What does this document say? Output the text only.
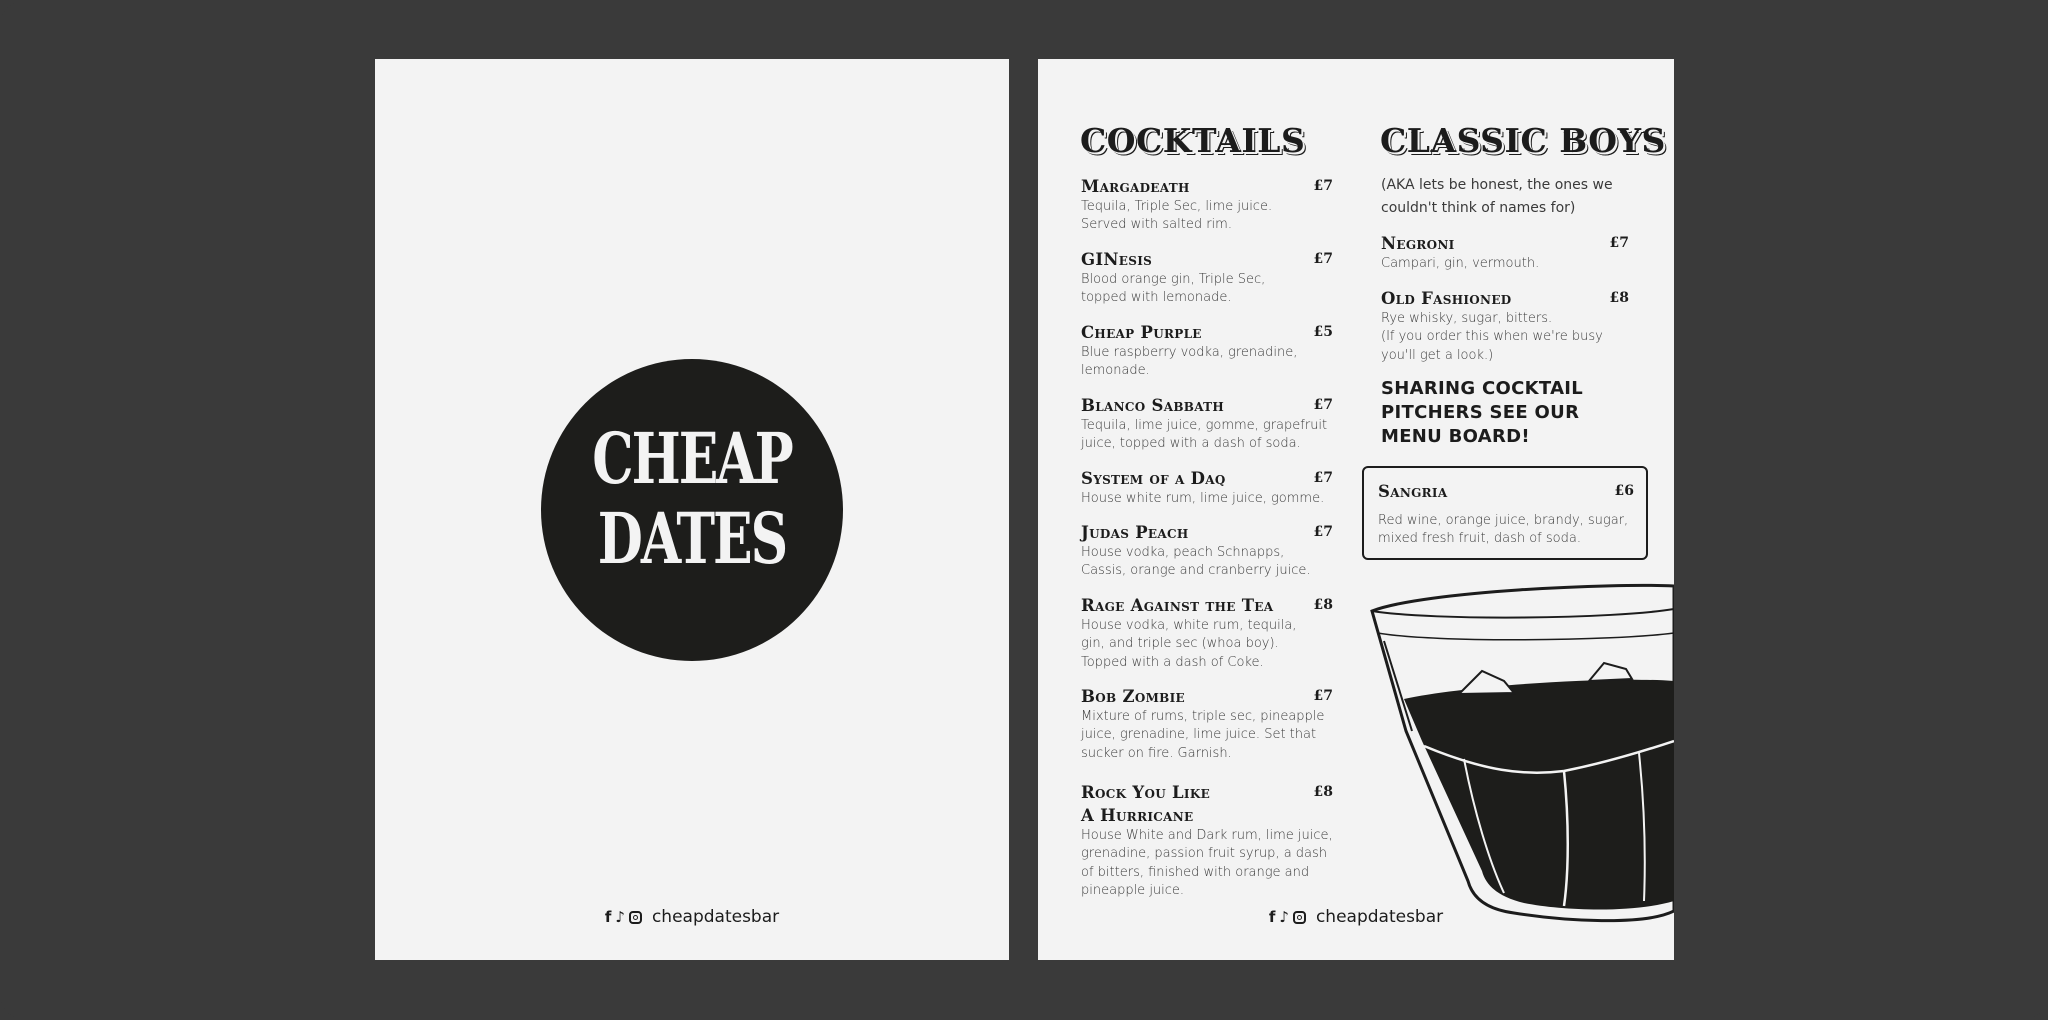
CHEAP
DATES
f ♪ cheapdatesbar
COCKTAILS CLASSIC BOYS
Margadeath	£7
Tequila, Triple Sec, lime juice.
Served with salted rim.
GINesis	£7
Blood orange gin, Triple Sec,
topped with lemonade.
Cheap Purple	£5
Blue raspberry vodka, grenadine,
lemonade.
Blanco Sabbath	£7
Tequila, lime juice, gomme, grapefruit
juice, topped with a dash of soda.
System of a Daq	£7
House white rum, lime juice, gomme.
Judas Peach	£7
House vodka, peach Schnapps,
Cassis, orange and cranberry juice.
Rage Against the Tea	£8
House vodka, white rum, tequila,
gin, and triple sec (whoa boy).
Topped with a dash of Coke.
Bob Zombie	£7
Mixture of rums, triple sec, pineapple
juice, grenadine, lime juice. Set that
sucker on fire. Garnish.
Rock You Like
A Hurricane
£8
House White and Dark rum, lime juice,
grenadine, passion fruit syrup, a dash
of bitters, finished with orange and
pineapple juice.
(AKA lets be honest, the ones we
couldn't think of names for)
Negroni	£7
Campari, gin, vermouth.
Old Fashioned	£8
Rye whisky, sugar, bitters.
(If you order this when we're busy
you'll get a look.)
SHARING COCKTAIL PITCHERS SEE OUR MENU BOARD!
Sangria	£6
Red wine, orange juice, brandy, sugar,
mixed fresh fruit, dash of soda.
f ♪ cheapdatesbar
